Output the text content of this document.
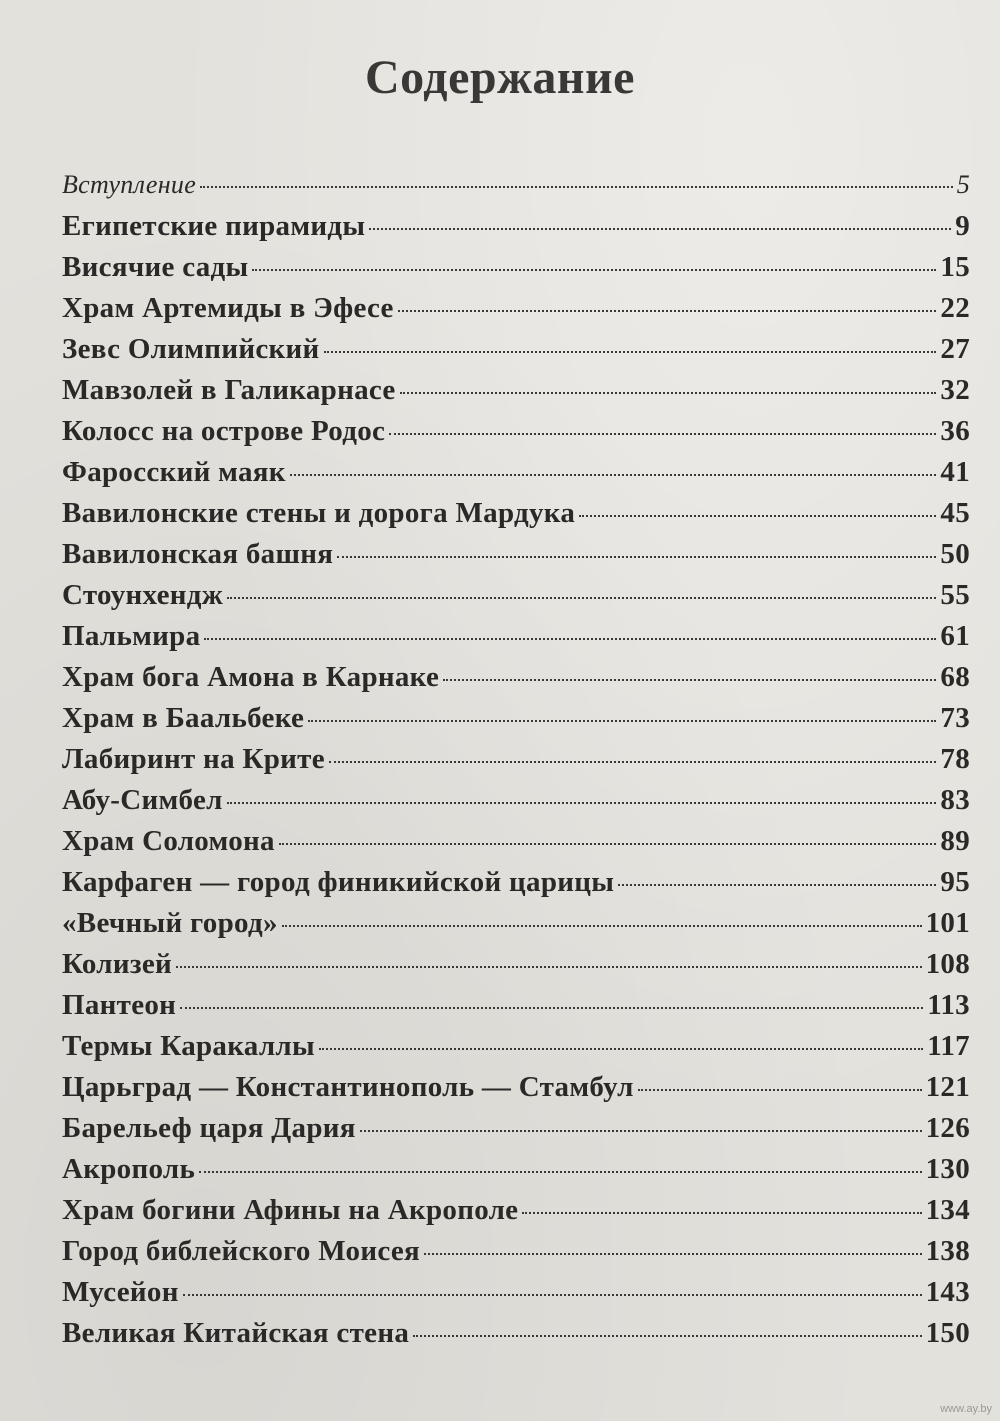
Содержание
Вступление	5
Египетские пирамиды	9
Висячие сады	15
Храм Артемиды в Эфесе	22
Зевс Олимпийский	27
Мавзолей в Галикарнасе	32
Колосс на острове Родос	36
Фаросский маяк	41
Вавилонские стены и дорога Мардука	45
Вавилонская башня	50
Стоунхендж	55
Пальмира	61
Храм бога Амона в Карнаке	68
Храм в Баальбеке	73
Лабиринт на Крите	78
Абу-Симбел	83
Храм Соломона	89
Карфаген — город финикийской царицы	95
«Вечный город»	101
Колизей	108
Пантеон	113
Термы Каракаллы	117
Царьград — Константинополь — Стамбул	121
Барельеф царя Дария	126
Акрополь	130
Храм богини Афины на Акрополе	134
Город библейского Моисея	138
Мусейон	143
Великая Китайская стена	150
www.ay.by
